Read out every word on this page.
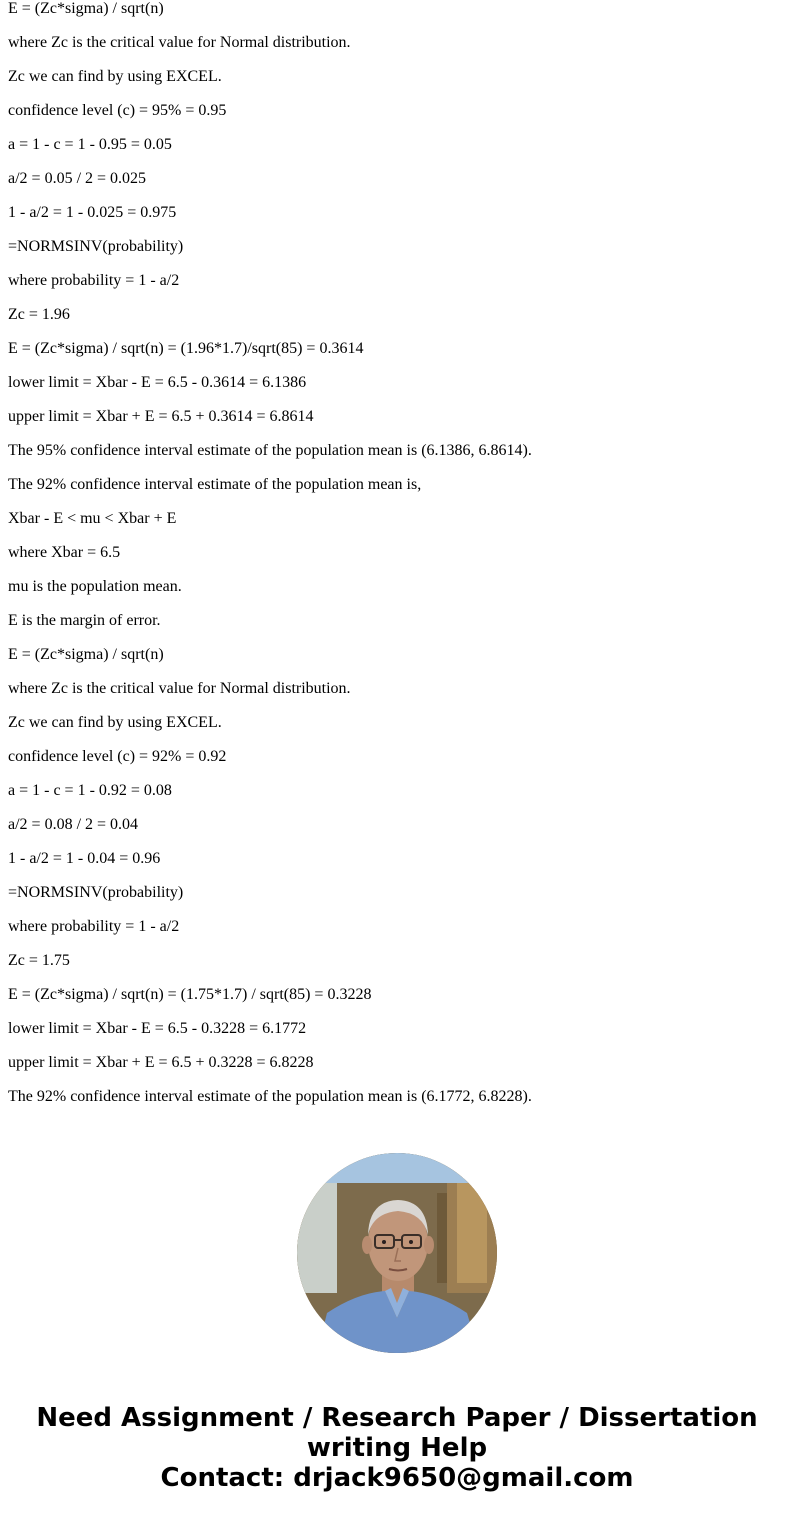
E = (Zc*sigma) / sqrt(n)

where Zc is the critical value for Normal distribution.

Zc we can find by using EXCEL.

confidence level (c) = 95% = 0.95

a = 1 - c = 1 - 0.95 = 0.05

a/2 = 0.05 / 2 = 0.025

1 - a/2 = 1 - 0.025 = 0.975

=NORMSINV(probability)

where probability = 1 - a/2

Zc = 1.96

E = (Zc*sigma) / sqrt(n) = (1.96*1.7)/sqrt(85) = 0.3614

lower limit = Xbar - E = 6.5 - 0.3614 = 6.1386

upper limit = Xbar + E = 6.5 + 0.3614 = 6.8614

The 95% confidence interval estimate of the population mean is (6.1386, 6.8614).

The 92% confidence interval estimate of the population mean is,

Xbar - E < mu < Xbar + E

where Xbar = 6.5

mu is the population mean.

E is the margin of error.

E = (Zc*sigma) / sqrt(n)

where Zc is the critical value for Normal distribution.

Zc we can find by using EXCEL.

confidence level (c) = 92% = 0.92

a = 1 - c = 1 - 0.92 = 0.08

a/2 = 0.08 / 2 = 0.04

1 - a/2 = 1 - 0.04 = 0.96

=NORMSINV(probability)

where probability = 1 - a/2

Zc = 1.75

E = (Zc*sigma) / sqrt(n) = (1.75*1.7) / sqrt(85) = 0.3228

lower limit = Xbar - E = 6.5 - 0.3228 = 6.1772

upper limit = Xbar + E = 6.5 + 0.3228 = 6.8228

The 92% confidence interval estimate of the population mean is (6.1772, 6.8228).

Need Assignment / Research Paper / Dissertation
writing Help
Contact: drjack9650@gmail.com
